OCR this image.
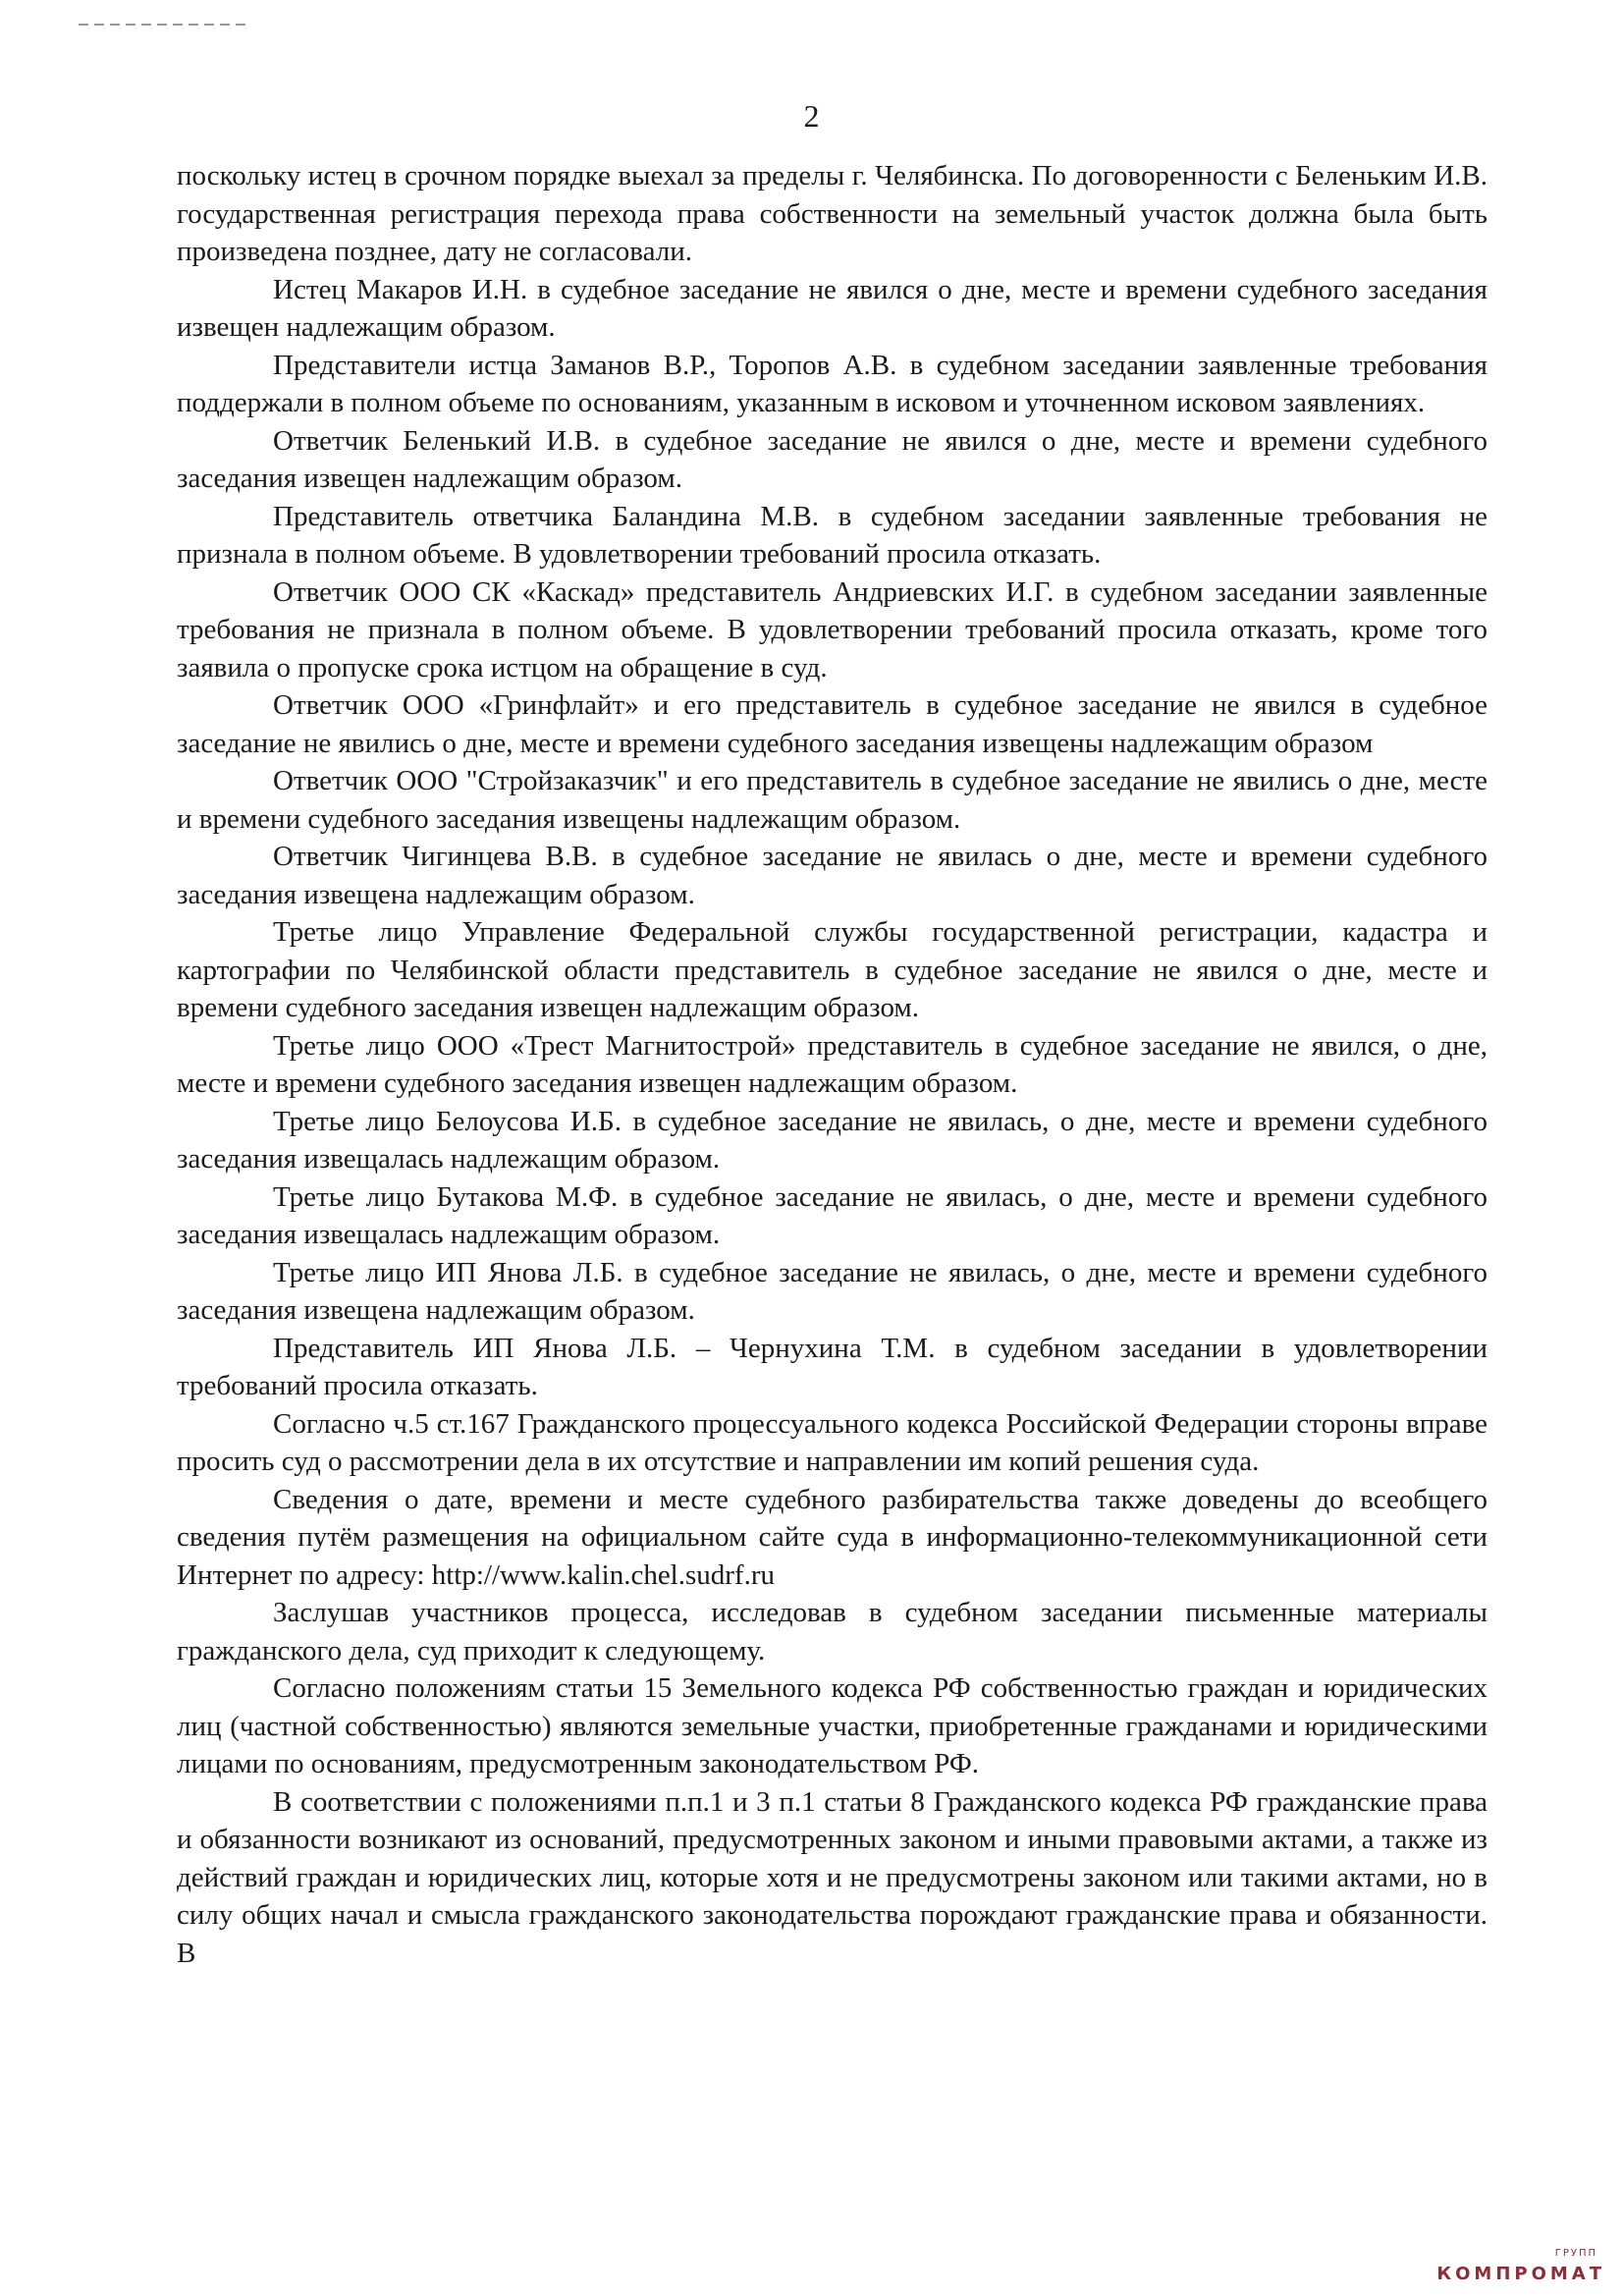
2

поскольку истец в срочном порядке выехал за пределы г. Челябинска. По договоренности с Беленьким И.В. государственная регистрация перехода права собственности на земельный участок должна была быть произведена позднее, дату не согласовали.

Истец Макаров И.Н. в судебное заседание не явился о дне, месте и времени судебного заседания извещен надлежащим образом.

Представители истца Заманов В.Р., Торопов А.В. в судебном заседании заявленные требования поддержали в полном объеме по основаниям, указанным в исковом и уточненном исковом заявлениях.

Ответчик Беленький И.В. в судебное заседание не явился о дне, месте и времени судебного заседания извещен надлежащим образом.

Представитель ответчика Баландина М.В. в судебном заседании заявленные требования не признала в полном объеме. В удовлетворении требований просила отказать.

Ответчик ООО СК «Каскад» представитель Андриевских И.Г. в судебном заседании заявленные требования не признала в полном объеме. В удовлетворении требований просила отказать, кроме того заявила о пропуске срока истцом на обращение в суд.

Ответчик ООО «Гринфлайт» и его представитель в судебное заседание не явился в судебное заседание не явились о дне, месте и времени судебного заседания извещены надлежащим образом

Ответчик ООО "Стройзаказчик" и его представитель в судебное заседание не явились о дне, месте и времени судебного заседания извещены надлежащим образом.

Ответчик Чигинцева В.В. в судебное заседание не явилась о дне, месте и времени судебного заседания извещена надлежащим образом.

Третье лицо Управление Федеральной службы государственной регистрации, кадастра и картографии по Челябинской области представитель в судебное заседание не явился о дне, месте и времени судебного заседания извещен надлежащим образом.

Третье лицо ООО «Трест Магнитострой» представитель в судебное заседание не явился, о дне, месте и времени судебного заседания извещен надлежащим образом.

Третье лицо Белоусова И.Б. в судебное заседание не явилась, о дне, месте и времени судебного заседания извещалась надлежащим образом.

Третье лицо Бутакова М.Ф. в судебное заседание не явилась, о дне, месте и времени судебного заседания извещалась надлежащим образом.

Третье лицо ИП Янова Л.Б. в судебное заседание не явилась, о дне, месте и времени судебного заседания извещена надлежащим образом.

Представитель ИП Янова Л.Б. – Чернухина Т.М. в судебном заседании в удовлетворении требований просила отказать.

Согласно ч.5 ст.167 Гражданского процессуального кодекса Российской Федерации стороны вправе просить суд о рассмотрении дела в их отсутствие и направлении им копий решения суда.

Сведения о дате, времени и месте судебного разбирательства также доведены до всеобщего сведения путём размещения на официальном сайте суда в информационно-телекоммуникационной сети Интернет по адресу: http://www.kalin.chel.sudrf.ru

Заслушав участников процесса, исследовав в судебном заседании письменные материалы гражданского дела, суд приходит к следующему.

Согласно положениям статьи 15 Земельного кодекса РФ собственностью граждан и юридических лиц (частной собственностью) являются земельные участки, приобретенные гражданами и юридическими лицами по основаниям, предусмотренным законодательством РФ.

В соответствии с положениями п.п.1 и 3 п.1 статьи 8 Гражданского кодекса РФ гражданские права и обязанности возникают из оснований, предусмотренных законом и иными правовыми актами, а также из действий граждан и юридических лиц, которые хотя и не предусмотрены законом или такими актами, но в силу общих начал и смысла гражданского законодательства порождают гражданские права и обязанности. В

ГРУПП
КОМПРОМАТ
